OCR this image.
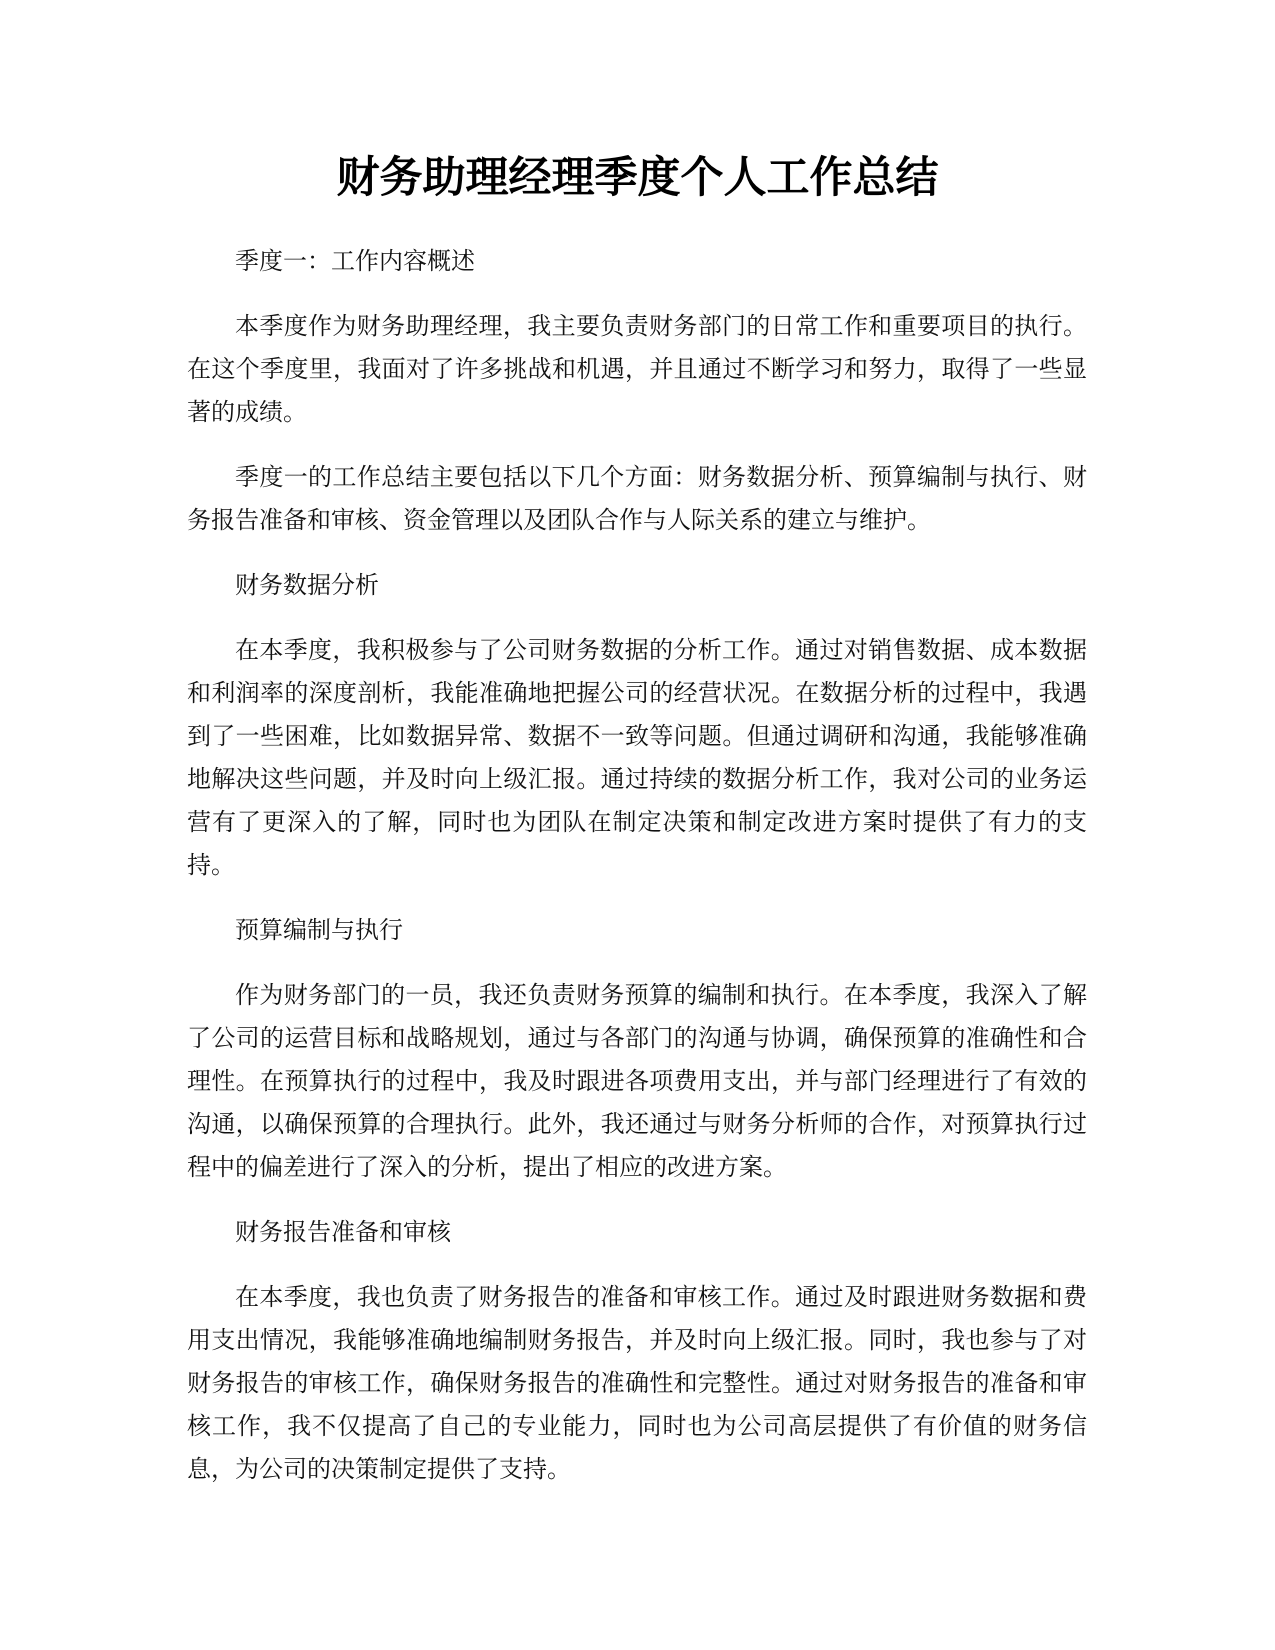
财务助理经理季度个人工作总结

季度一：工作内容概述

本季度作为财务助理经理，我主要负责财务部门的日常工作和重要项目的执行。在这个季度里，我面对了许多挑战和机遇，并且通过不断学习和努力，取得了一些显著的成绩。

季度一的工作总结主要包括以下几个方面：财务数据分析、预算编制与执行、财务报告准备和审核、资金管理以及团队合作与人际关系的建立与维护。

财务数据分析

在本季度，我积极参与了公司财务数据的分析工作。通过对销售数据、成本数据和利润率的深度剖析，我能准确地把握公司的经营状况。在数据分析的过程中，我遇到了一些困难，比如数据异常、数据不一致等问题。但通过调研和沟通，我能够准确地解决这些问题，并及时向上级汇报。通过持续的数据分析工作，我对公司的业务运营有了更深入的了解，同时也为团队在制定决策和制定改进方案时提供了有力的支持。

预算编制与执行

作为财务部门的一员，我还负责财务预算的编制和执行。在本季度，我深入了解了公司的运营目标和战略规划，通过与各部门的沟通与协调，确保预算的准确性和合理性。在预算执行的过程中，我及时跟进各项费用支出，并与部门经理进行了有效的沟通，以确保预算的合理执行。此外，我还通过与财务分析师的合作，对预算执行过程中的偏差进行了深入的分析，提出了相应的改进方案。

财务报告准备和审核

在本季度，我也负责了财务报告的准备和审核工作。通过及时跟进财务数据和费用支出情况，我能够准确地编制财务报告，并及时向上级汇报。同时，我也参与了对财务报告的审核工作，确保财务报告的准确性和完整性。通过对财务报告的准备和审核工作，我不仅提高了自己的专业能力，同时也为公司高层提供了有价值的财务信息，为公司的决策制定提供了支持。
